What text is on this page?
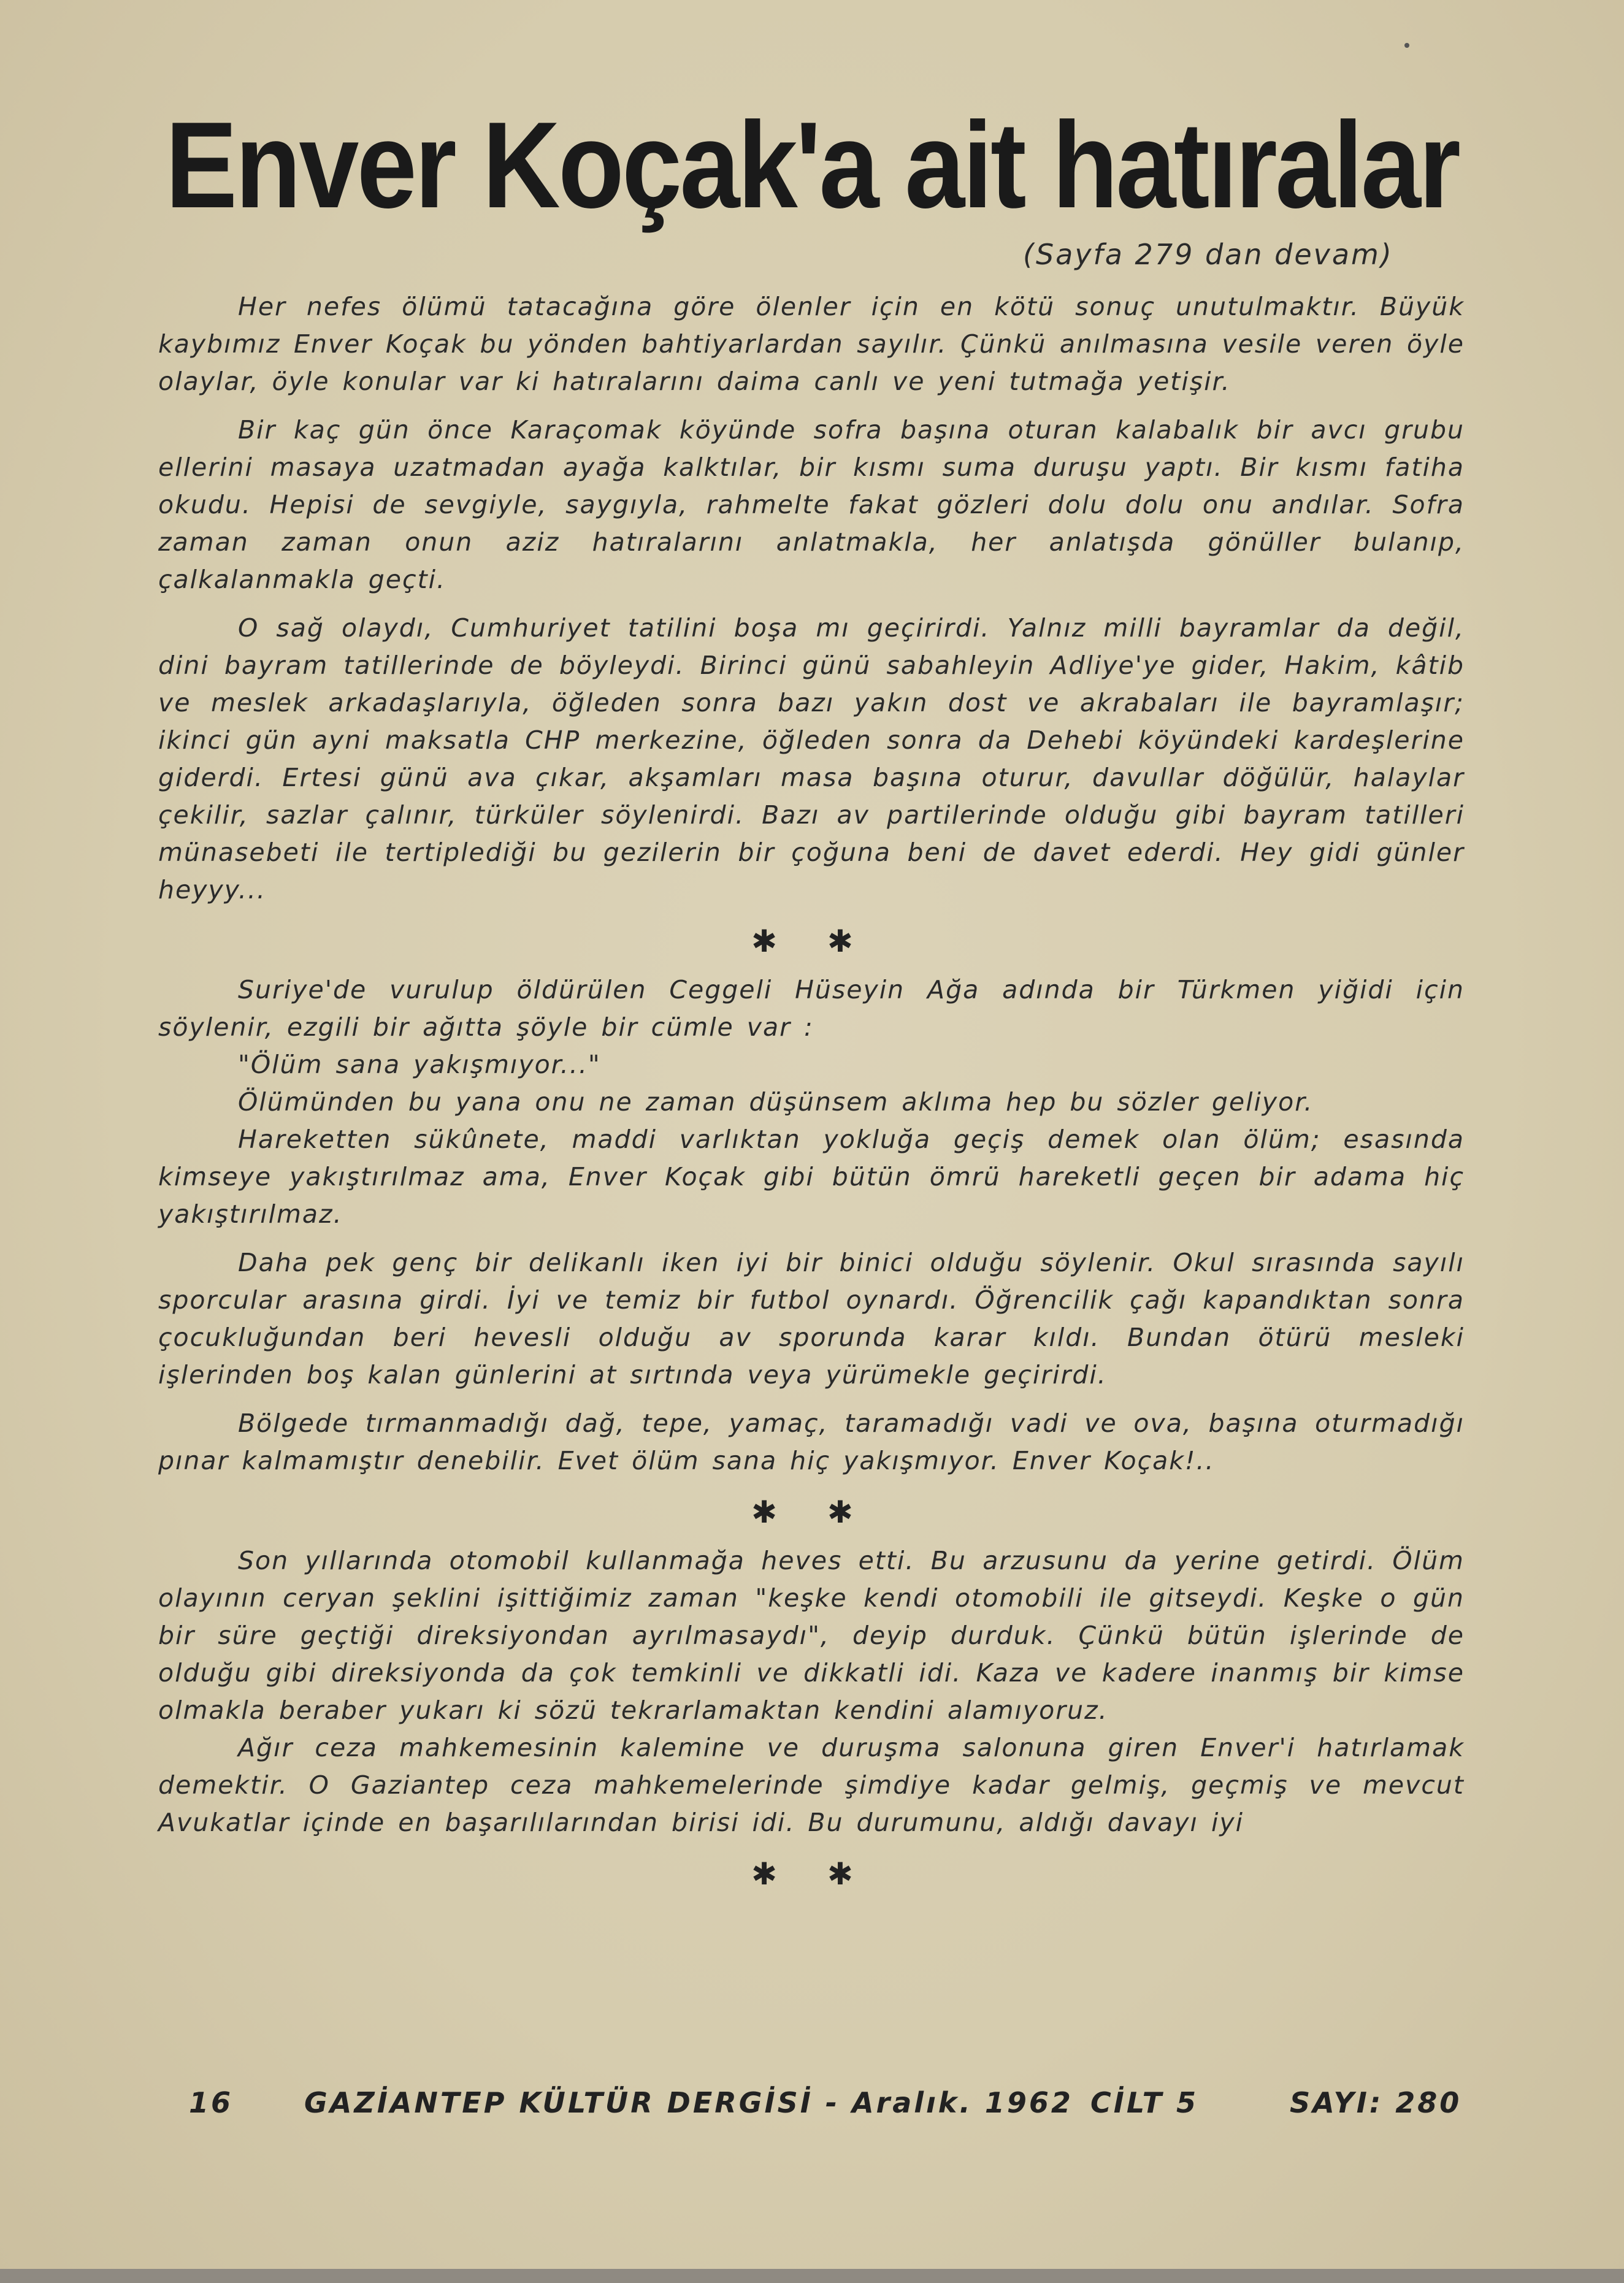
Enver Koçak'a ait hatıralar
(Sayfa 279 dan devam)

Her nefes ölümü tatacağına göre ölenler için en kötü sonuç unutulmaktır. Büyük kaybımız Enver Koçak bu yönden bahtiyarlardan sayılır. Çünkü anılmasına vesile veren öyle olaylar, öyle konular var ki hatıralarını daima canlı ve yeni tutmağa yetişir.

Bir kaç gün önce Karaçomak köyünde sofra başına oturan kalabalık bir avcı grubu ellerini masaya uzatmadan ayağa kalktılar, bir kısmı suma duruşu yaptı. Bir kısmı fatiha okudu. Hepisi de sevgiyle, saygıyla, rahmelte fakat gözleri dolu dolu onu andılar. Sofra zaman zaman onun aziz hatıralarını anlatmakla, her anlatışda gönüller bulanıp, çalkalanmakla geçti.

O sağ olaydı, Cumhuriyet tatilini boşa mı geçirirdi. Yalnız milli bayramlar da değil, dini bayram tatillerinde de böyleydi. Birinci günü sabahleyin Adliye'ye gider, Hakim, kâtib ve meslek arkadaşlarıyla, öğleden sonra bazı yakın dost ve akrabaları ile bayramlaşır; ikinci gün ayni maksatla CHP merkezine, öğleden sonra da Dehebi köyündeki kardeşlerine giderdi. Ertesi günü ava çıkar, akşamları masa başına oturur, davullar döğülür, halaylar çekilir, sazlar çalınır, türküler söylenirdi. Bazı av partilerinde olduğu gibi bayram tatilleri münasebeti ile tertiplediği bu gezilerin bir çoğuna beni de davet ederdi. Hey gidi günler heyyy...

✱ ✱

Suriye'de vurulup öldürülen Ceggeli Hüseyin Ağa adında bir Türkmen yiğidi için söylenir, ezgili bir ağıtta şöyle bir cümle var :

"Ölüm sana yakışmıyor..."

Ölümünden bu yana onu ne zaman düşünsem aklıma hep bu sözler geliyor.

Hareketten sükûnete, maddi varlıktan yokluğa geçiş demek olan ölüm; esasında kimseye yakıştırılmaz ama, Enver Koçak gibi bütün ömrü hareketli geçen bir adama hiç yakıştırılmaz.

Daha pek genç bir delikanlı iken iyi bir binici olduğu söylenir. Okul sırasında sayılı sporcular arasına girdi. İyi ve temiz bir futbol oynardı. Öğrencilik çağı kapandıktan sonra çocukluğundan beri hevesli olduğu av sporunda karar kıldı. Bundan ötürü mesleki işlerinden boş kalan günlerini at sırtında veya yürümekle geçirirdi.

Bölgede tırmanmadığı dağ, tepe, yamaç, taramadığı vadi ve ova, başına oturmadığı pınar kalmamıştır denebilir. Evet ölüm sana hiç yakışmıyor. Enver Koçak!..

✱ ✱

Son yıllarında otomobil kullanmağa heves etti. Bu arzusunu da yerine getirdi. Ölüm olayının ceryan şeklini işittiğimiz zaman "keşke kendi otomobili ile gitseydi. Keşke o gün bir süre geçtiği direksiyondan ayrılmasaydı", deyip durduk. Çünkü bütün işlerinde de olduğu gibi direksiyonda da çok temkinli ve dikkatli idi. Kaza ve kadere inanmış bir kimse olmakla beraber yukarı ki sözü tekrarlamaktan kendini alamıyoruz.

Ağır ceza mahkemesinin kalemine ve duruşma salonuna giren Enver'i hatırlamak demektir. O Gaziantep ceza mahkemelerinde şimdiye kadar gelmiş, geçmiş ve mevcut Avukatlar içinde en başarılılarından birisi idi. Bu durumunu, aldığı davayı iyi

✱ ✱
16	GAZİANTEP KÜLTÜR DERGİSİ - Aralık. 1962 CİLT 5	SAYI: 280
